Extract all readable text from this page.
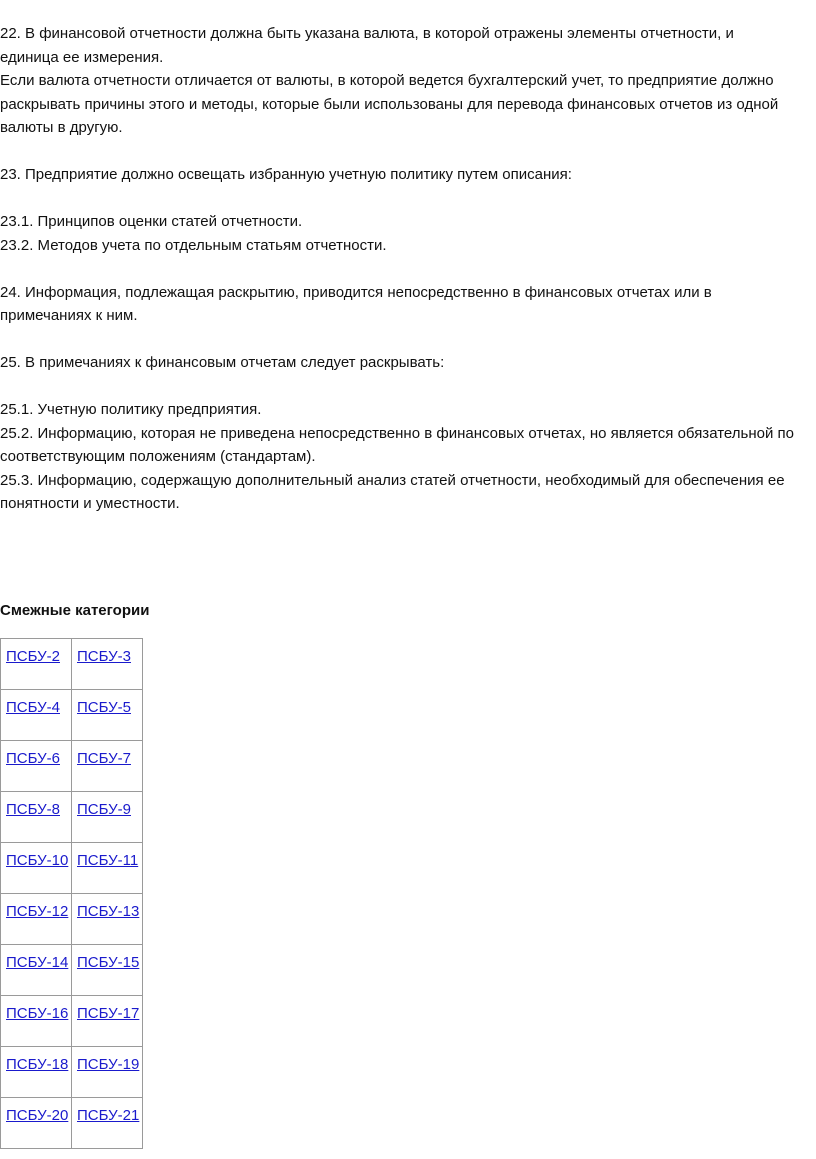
22. В финансовой отчетности должна быть указана валюта, в которой отражены элементы отчетности, и

единица ее измерения.

Если валюта отчетности отличается от валюты, в которой ведется бухгалтерский учет, то предприятие должно

раскрывать причины этого и методы, которые были использованы для перевода финансовых отчетов из одной

валюты в другую.

23. Предприятие должно освещать избранную учетную политику путем описания:

23.1. Принципов оценки статей отчетности.

23.2. Методов учета по отдельным статьям отчетности.

24. Информация, подлежащая раскрытию, приводится непосредственно в финансовых отчетах или в

примечаниях к ним.

25. В примечаниях к финансовым отчетам следует раскрывать:

25.1. Учетную политику предприятия.

25.2. Информацию, которая не приведена непосредственно в финансовых отчетах, но является обязательной по

соответствующим положениям (стандартам).

25.3. Информацию, содержащую дополнительный анализ статей отчетности, необходимый для обеспечения ее

понятности и уместности.

Смежные категории
ПСБУ-2	ПСБУ-3
ПСБУ-4	ПСБУ-5
ПСБУ-6	ПСБУ-7
ПСБУ-8	ПСБУ-9
ПСБУ-10	ПСБУ-11
ПСБУ-12	ПСБУ-13
ПСБУ-14	ПСБУ-15
ПСБУ-16	ПСБУ-17
ПСБУ-18	ПСБУ-19
ПСБУ-20	ПСБУ-21
